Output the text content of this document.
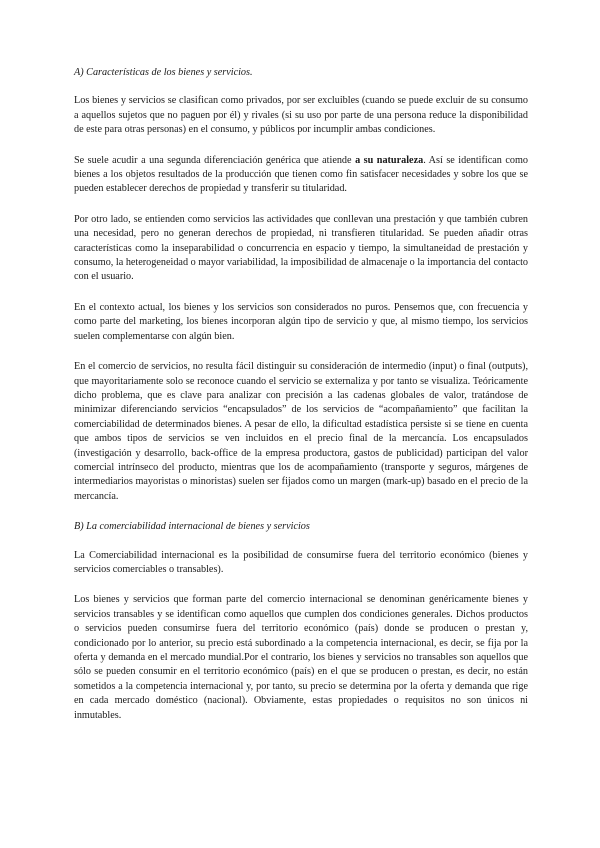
A) Características de los bienes y servicios.

Los bienes y servicios se clasifican como privados, por ser excluibles (cuando se puede excluir de su consumo a aquellos sujetos que no paguen por él) y rivales (si su uso por parte de una persona reduce la disponibilidad de este para otras personas) en el consumo, y públicos por incumplir ambas condiciones.

Se suele acudir a una segunda diferenciación genérica que atiende a su naturaleza. Así se identifican como bienes a los objetos resultados de la producción que tienen como fin satisfacer necesidades y sobre los que se pueden establecer derechos de propiedad y transferir su titularidad.

Por otro lado, se entienden como servicios las actividades que conllevan una prestación y que también cubren una necesidad, pero no generan derechos de propiedad, ni transfieren titularidad. Se pueden añadir otras características como la inseparabilidad o concurrencia en espacio y tiempo, la simultaneidad de prestación y consumo, la heterogeneidad o mayor variabilidad, la imposibilidad de almacenaje o la importancia del contacto con el usuario.

En el contexto actual, los bienes y los servicios son considerados no puros. Pensemos que, con frecuencia y como parte del marketing, los bienes incorporan algún tipo de servicio y que, al mismo tiempo, los servicios suelen complementarse con algún bien.

En el comercio de servicios, no resulta fácil distinguir su consideración de intermedio (input) o final (outputs), que mayoritariamente solo se reconoce cuando el servicio se externaliza y por tanto se visualiza. Teóricamente dicho problema, que es clave para analizar con precisión a las cadenas globales de valor, tratándose de minimizar diferenciando servicios “encapsulados” de los servicios de “acompañamiento” que facilitan la comerciabilidad de determinados bienes. A pesar de ello, la dificultad estadística persiste si se tiene en cuenta que ambos tipos de servicios se ven incluidos en el precio final de la mercancía. Los encapsulados (investigación y desarrollo, back-office de la empresa productora, gastos de publicidad) participan del valor comercial intrínseco del producto, mientras que los de acompañamiento (transporte y seguros, márgenes de intermediarios mayoristas o minoristas) suelen ser fijados como un margen (mark-up) basado en el precio de la mercancía.

B) La comerciabilidad internacional de bienes y servicios

La Comerciabilidad internacional es la posibilidad de consumirse fuera del territorio económico (bienes y servicios comerciables o transables).

Los bienes y servicios que forman parte del comercio internacional se denominan genéricamente bienes y servicios transables y se identifican como aquellos que cumplen dos condiciones generales. Dichos productos o servicios pueden consumirse fuera del territorio económico (país) donde se producen o prestan y, condicionado por lo anterior, su precio está subordinado a la competencia internacional, es decir, se fija por la oferta y demanda en el mercado mundial.Por el contrario, los bienes y servicios no transables son aquellos que sólo se pueden consumir en el territorio económico (país) en el que se producen o prestan, es decir, no están sometidos a la competencia internacional y, por tanto, su precio se determina por la oferta y demanda que rige en cada mercado doméstico (nacional). Obviamente, estas propiedades o requisitos no son únicos ni inmutables.
